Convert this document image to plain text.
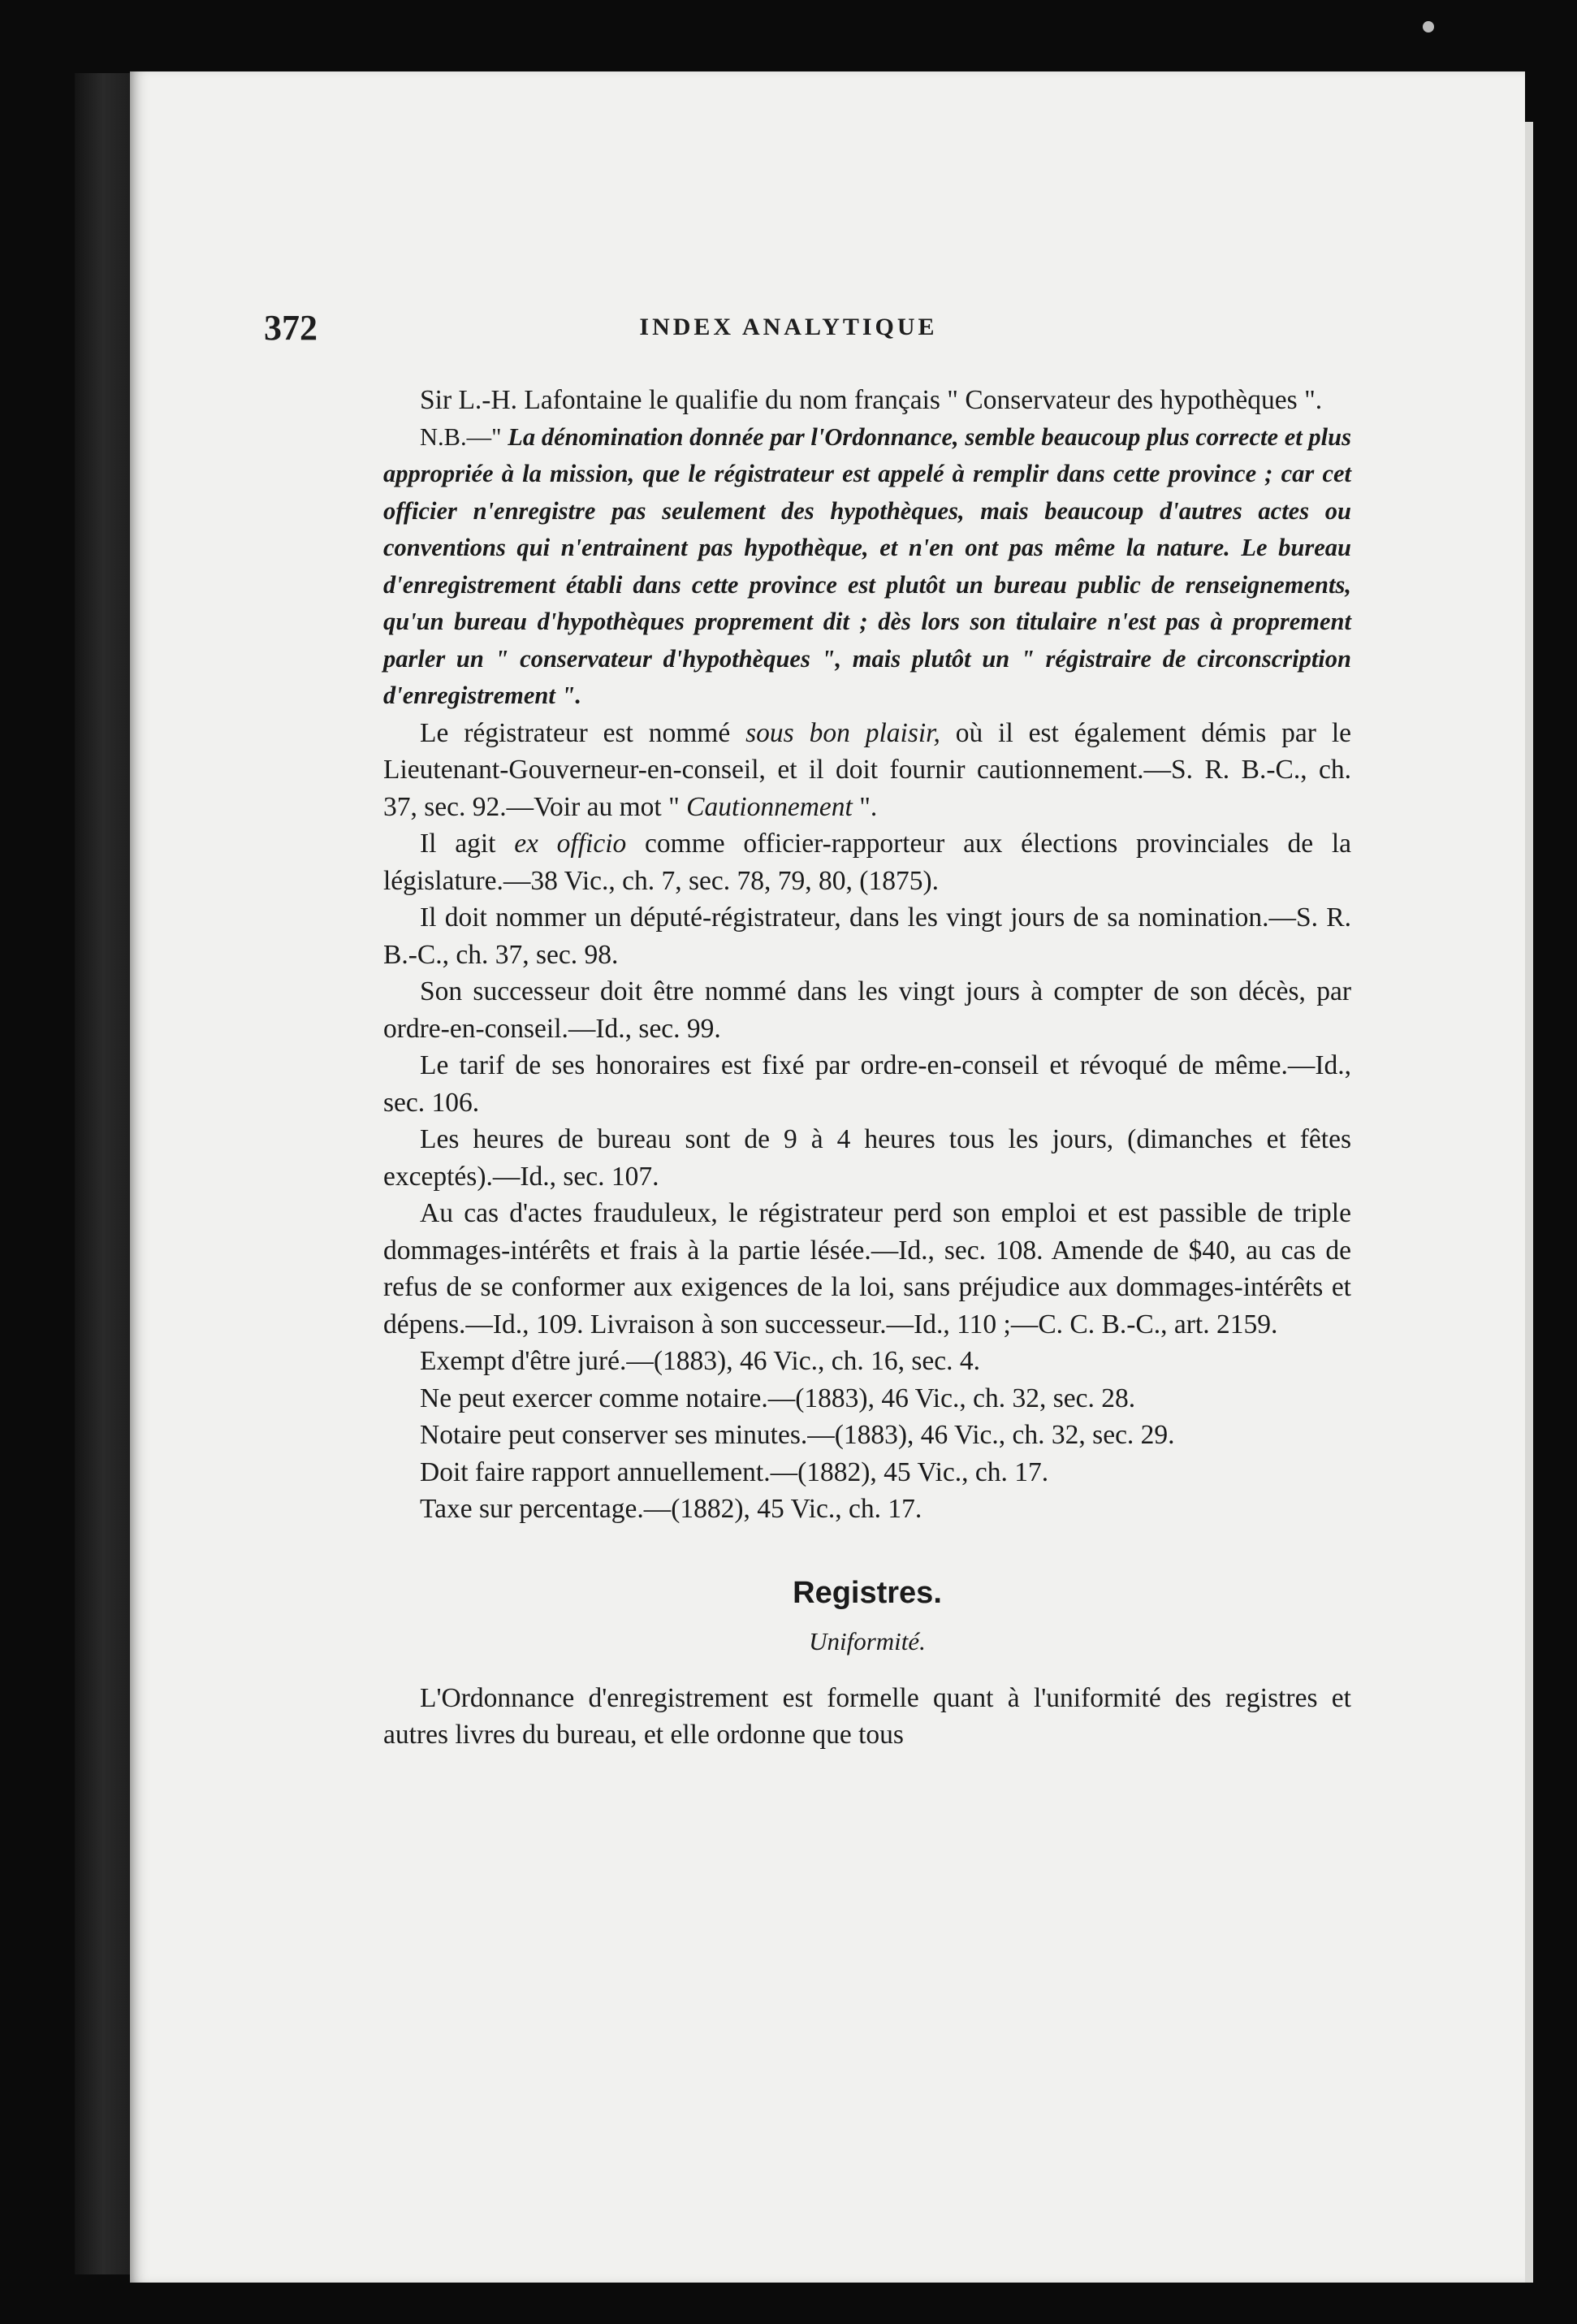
372	INDEX ANALYTIQUE

Sir L.-H. Lafontaine le qualifie du nom français " Conservateur des hypothèques ".

N.B.—" La dénomination donnée par l'Ordonnance, semble beaucoup plus correcte et plus appropriée à la mission, que le régistrateur est appelé à remplir dans cette province ; car cet officier n'enregistre pas seulement des hypothèques, mais beaucoup d'autres actes ou conventions qui n'entrainent pas hypothèque, et n'en ont pas même la nature. Le bureau d'enregistrement établi dans cette province est plutôt un bureau public de renseignements, qu'un bureau d'hypothèques proprement dit ; dès lors son titulaire n'est pas à proprement parler un " conservateur d'hypothèques ", mais plutôt un " régistraire de circonscription d'enregistrement ".

Le régistrateur est nommé sous bon plaisir, où il est également démis par le Lieutenant-Gouverneur-en-conseil, et il doit fournir cautionnement.—S. R. B.-C., ch. 37, sec. 92.—Voir au mot " Cautionnement ".

Il agit ex officio comme officier-rapporteur aux élections provinciales de la législature.—38 Vic., ch. 7, sec. 78, 79, 80, (1875).

Il doit nommer un député-régistrateur, dans les vingt jours de sa nomination.—S. R. B.-C., ch. 37, sec. 98.

Son successeur doit être nommé dans les vingt jours à compter de son décès, par ordre-en-conseil.—Id., sec. 99.

Le tarif de ses honoraires est fixé par ordre-en-conseil et révoqué de même.—Id., sec. 106.

Les heures de bureau sont de 9 à 4 heures tous les jours, (dimanches et fêtes exceptés).—Id., sec. 107.

Au cas d'actes frauduleux, le régistrateur perd son emploi et est passible de triple dommages-intérêts et frais à la partie lésée.—Id., sec. 108. Amende de $40, au cas de refus de se conformer aux exigences de la loi, sans préjudice aux dommages-intérêts et dépens.—Id., 109. Livraison à son successeur.—Id., 110 ;—C. C. B.-C., art. 2159.

Exempt d'être juré.—(1883), 46 Vic., ch. 16, sec. 4.

Ne peut exercer comme notaire.—(1883), 46 Vic., ch. 32, sec. 28.

Notaire peut conserver ses minutes.—(1883), 46 Vic., ch. 32, sec. 29.

Doit faire rapport annuellement.—(1882), 45 Vic., ch. 17.

Taxe sur percentage.—(1882), 45 Vic., ch. 17.

Registres.
Uniformité.

L'Ordonnance d'enregistrement est formelle quant à l'uniformité des registres et autres livres du bureau, et elle ordonne que tous
